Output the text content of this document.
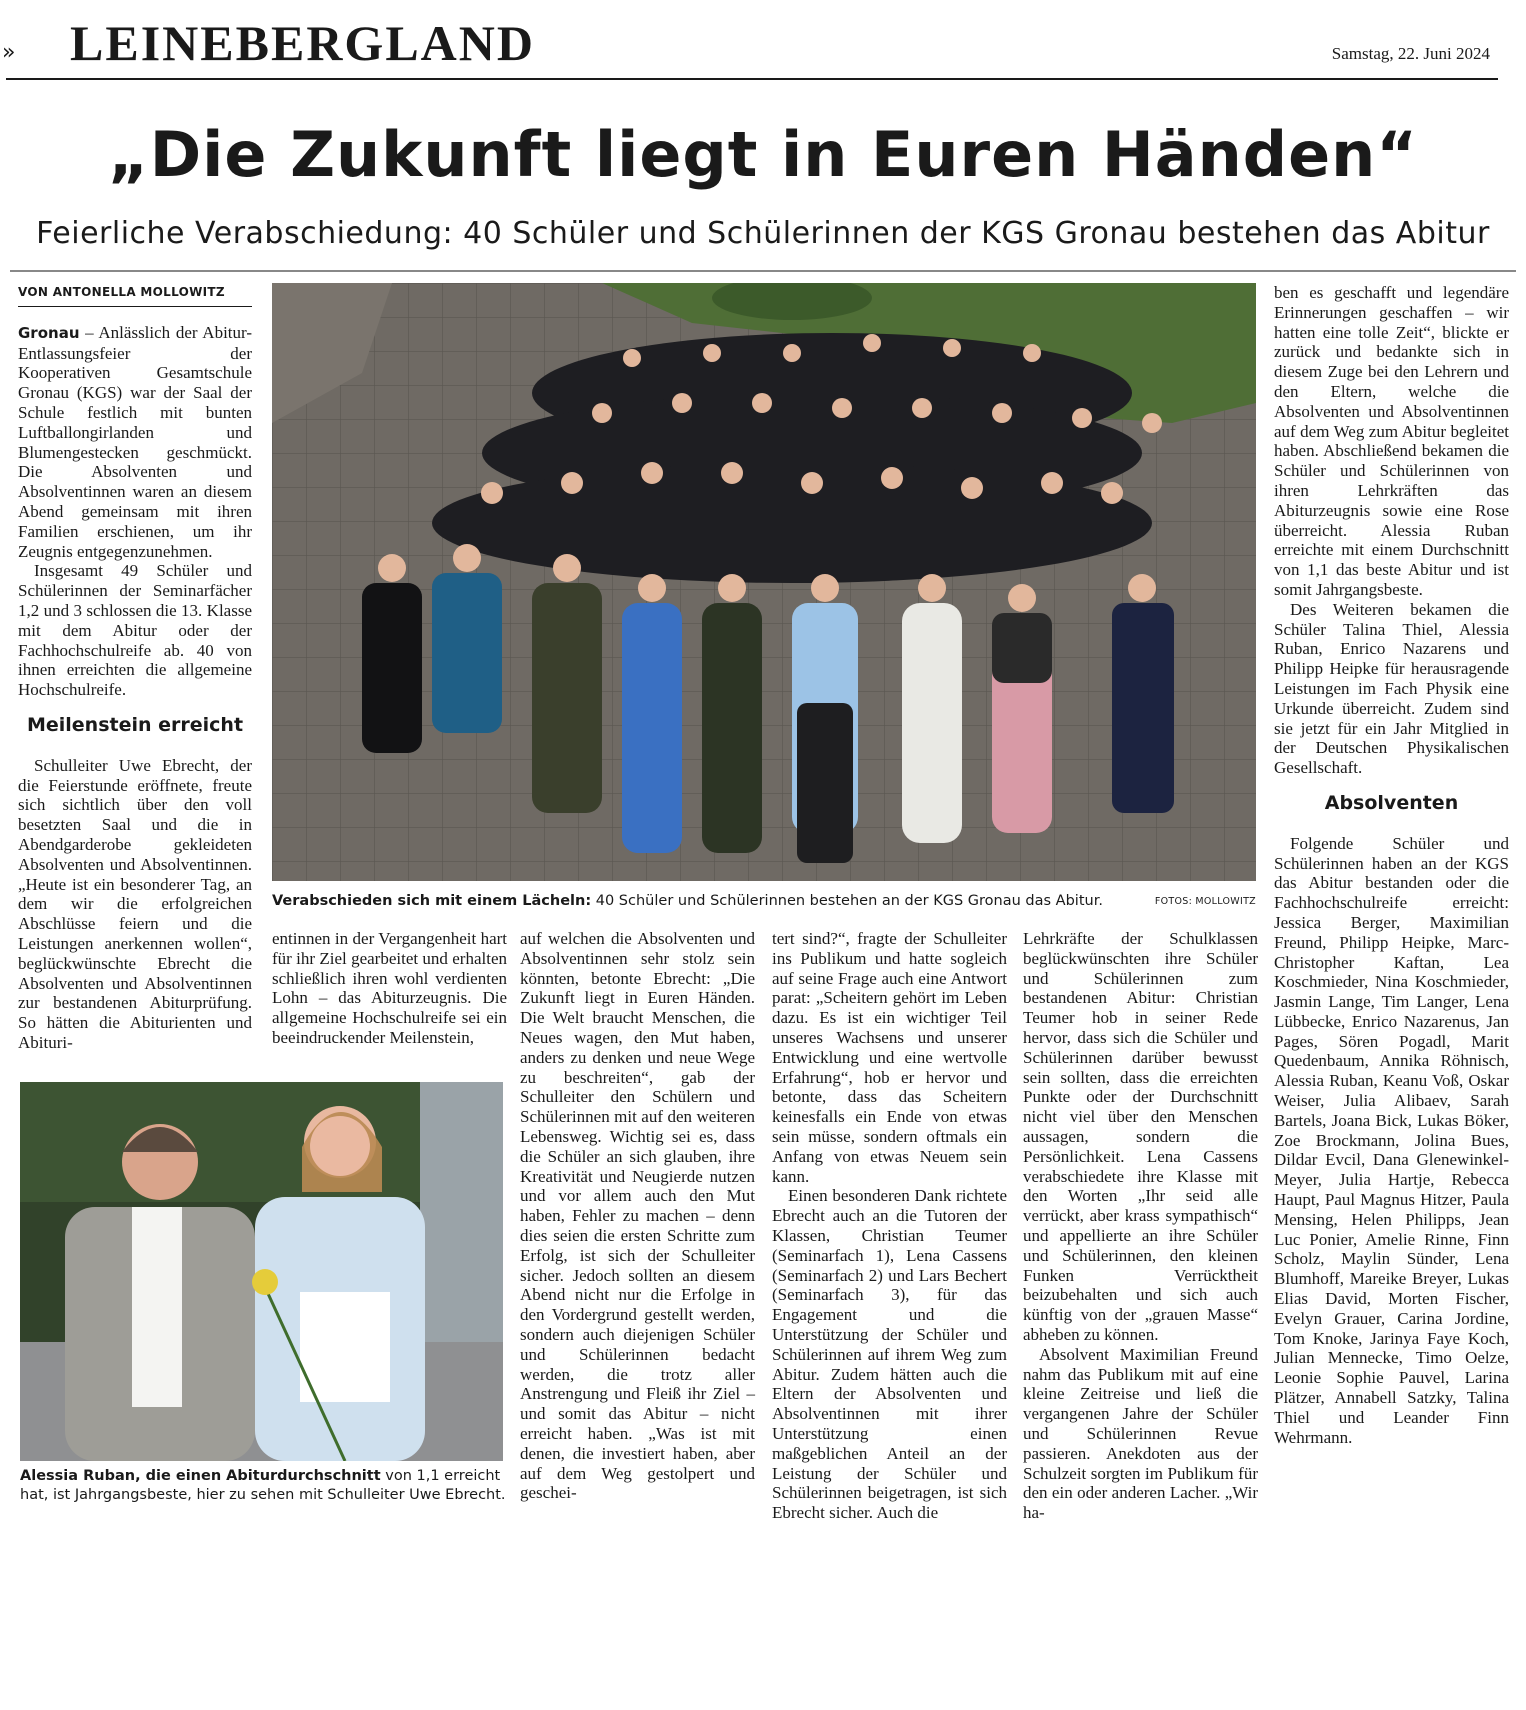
» LEINEBERGLAND	Samstag, 22. Juni 2024
„Die Zukunft liegt in Euren Händen“
Feierliche Verabschiedung: 40 Schüler und Schülerinnen der KGS Gronau bestehen das Abitur
VON ANTONELLA MOLLOWITZ

Gronau – Anlässlich der Abitur-Entlassungsfeier der Kooperativen Gesamtschule Gronau (KGS) war der Saal der Schule festlich mit bunten Luftballongirlanden und Blumengestecken geschmückt. Die Absolventen und Absolventinnen waren an diesem Abend gemeinsam mit ihren Familien erschienen, um ihr Zeugnis entgegenzunehmen.

Insgesamt 49 Schüler und Schülerinnen der Seminarfächer 1,2 und 3 schlossen die 13. Klasse mit dem Abitur oder der Fachhochschulreife ab. 40 von ihnen erreichten die allgemeine Hochschulreife.

Meilenstein erreicht

Schulleiter Uwe Ebrecht, der die Feierstunde eröffnete, freute sich sichtlich über den voll besetzten Saal und die in Abendgarderobe gekleideten Absolventen und Absolventinnen. „Heute ist ein besonderer Tag, an dem wir die erfolgreichen Abschlüsse feiern und die Leistungen anerkennen wollen“, beglückwünschte Ebrecht die Absolventen und Absolventinnen zur bestandenen Abiturprüfung. So hätten die Abiturienten und Abituri-

Verabschieden sich mit einem Lächeln: 40 Schüler und Schülerinnen bestehen an der KGS Gronau das Abitur.	FOTOS: MOLLOWITZ

entinnen in der Vergangenheit hart für ihr Ziel gearbeitet und erhalten schließlich ihren wohl verdienten Lohn – das Abiturzeugnis. Die allgemeine Hochschulreife sei ein beeindruckender Meilenstein,

Alessia Ruban, die einen Abiturdurchschnitt von 1,1 erreicht hat, ist Jahrgangsbeste, hier zu sehen mit Schulleiter Uwe Ebrecht.

auf welchen die Absolventen und Absolventinnen sehr stolz sein könnten, betonte Ebrecht: „Die Zukunft liegt in Euren Händen. Die Welt braucht Menschen, die Neues wagen, den Mut haben, anders zu denken und neue Wege zu beschreiten“, gab der Schulleiter den Schülern und Schülerinnen mit auf den weiteren Lebensweg. Wichtig sei es, dass die Schüler an sich glauben, ihre Kreativität und Neugierde nutzen und vor allem auch den Mut haben, Fehler zu machen – denn dies seien die ersten Schritte zum Erfolg, ist sich der Schulleiter sicher. Jedoch sollten an diesem Abend nicht nur die Erfolge in den Vordergrund gestellt werden, sondern auch diejenigen Schüler und Schülerinnen bedacht werden, die trotz aller Anstrengung und Fleiß ihr Ziel – und somit das Abitur – nicht erreicht haben. „Was ist mit denen, die investiert haben, aber auf dem Weg gestolpert und geschei-

tert sind?“, fragte der Schulleiter ins Publikum und hatte sogleich auf seine Frage auch eine Antwort parat: „Scheitern gehört im Leben dazu. Es ist ein wichtiger Teil unseres Wachsens und unserer Entwicklung und eine wertvolle Erfahrung“, hob er hervor und betonte, dass das Scheitern keinesfalls ein Ende von etwas sein müsse, sondern oftmals ein Anfang von etwas Neuem sein kann.

Einen besonderen Dank richtete Ebrecht auch an die Tutoren der Klassen, Christian Teumer (Seminarfach 1), Lena Cassens (Seminarfach 2) und Lars Bechert (Seminarfach 3), für das Engagement und die Unterstützung der Schüler und Schülerinnen auf ihrem Weg zum Abitur. Zudem hätten auch die Eltern der Absolventen und Absolventinnen mit ihrer Unterstützung einen maßgeblichen Anteil an der Leistung der Schüler und Schülerinnen beigetragen, ist sich Ebrecht sicher. Auch die

Lehrkräfte der Schulklassen beglückwünschten ihre Schüler und Schülerinnen zum bestandenen Abitur: Christian Teumer hob in seiner Rede hervor, dass sich die Schüler und Schülerinnen darüber bewusst sein sollten, dass die erreichten Punkte oder der Durchschnitt nicht viel über den Menschen aussagen, sondern die Persönlichkeit. Lena Cassens verabschiedete ihre Klasse mit den Worten „Ihr seid alle verrückt, aber krass sympathisch“ und appellierte an ihre Schüler und Schülerinnen, den kleinen Funken Verrücktheit beizubehalten und sich auch künftig von der „grauen Masse“ abheben zu können.

Absolvent Maximilian Freund nahm das Publikum mit auf eine kleine Zeitreise und ließ die vergangenen Jahre der Schüler und Schülerinnen Revue passieren. Anekdoten aus der Schulzeit sorgten im Publikum für den ein oder anderen Lacher. „Wir ha-

ben es geschafft und legendäre Erinnerungen geschaffen – wir hatten eine tolle Zeit“, blickte er zurück und bedankte sich in diesem Zuge bei den Lehrern und den Eltern, welche die Absolventen und Absolventinnen auf dem Weg zum Abitur begleitet haben. Abschließend bekamen die Schüler und Schülerinnen von ihren Lehrkräften das Abiturzeugnis sowie eine Rose überreicht. Alessia Ruban erreichte mit einem Durchschnitt von 1,1 das beste Abitur und ist somit Jahrgangsbeste.

Des Weiteren bekamen die Schüler Talina Thiel, Alessia Ruban, Enrico Nazarens und Philipp Heipke für herausragende Leistungen im Fach Physik eine Urkunde überreicht. Zudem sind sie jetzt für ein Jahr Mitglied in der Deutschen Physikalischen Gesellschaft.

Absolventen

Folgende Schüler und Schülerinnen haben an der KGS das Abitur bestanden oder die Fachhochschulreife erreicht: Jessica Berger, Maximilian Freund, Philipp Heipke, Marc-Christopher Kaftan, Lea Koschmieder, Nina Koschmieder, Jasmin Lange, Tim Langer, Lena Lübbecke, Enrico Nazarenus, Jan Pages, Sören Pogadl, Marit Quedenbaum, Annika Röhnisch, Alessia Ruban, Keanu Voß, Oskar Weiser, Julia Alibaev, Sarah Bartels, Joana Bick, Lukas Böker, Zoe Brockmann, Jolina Bues, Dildar Evcil, Dana Glenewinkel-Meyer, Julia Hartje, Rebecca Haupt, Paul Magnus Hitzer, Paula Mensing, Helen Philipps, Jean Luc Ponier, Amelie Rinne, Finn Scholz, Maylin Sünder, Lena Blumhoff, Mareike Breyer, Lukas Elias David, Morten Fischer, Evelyn Grauer, Carina Jordine, Tom Knoke, Jarinya Faye Koch, Julian Mennecke, Timo Oelze, Leonie Sophie Pauvel, Larina Plätzer, Annabell Satzky, Talina Thiel und Leander Finn Wehrmann.
